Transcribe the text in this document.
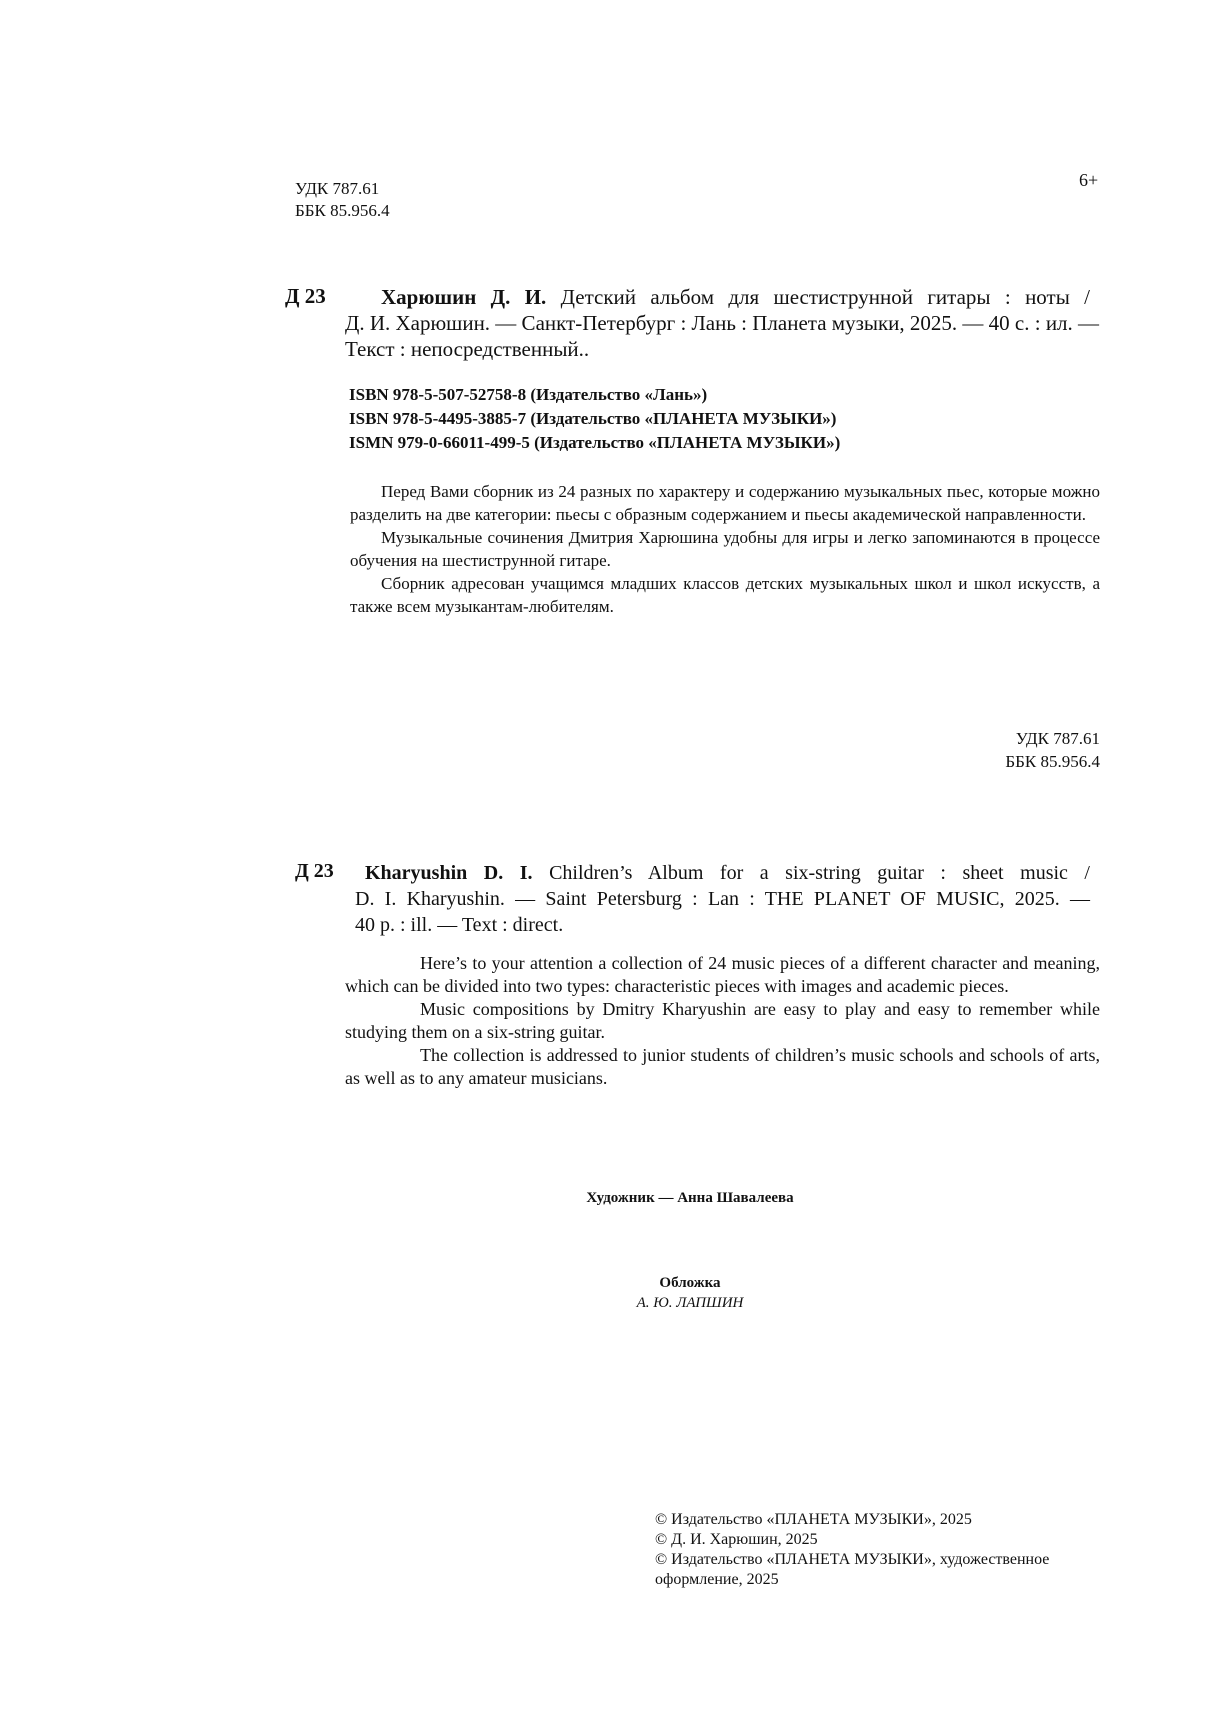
УДК 787.61
ББК 85.956.4
6+
Д 23	Харюшин Д. И. Детский альбом для шестиструнной гитары : ноты /
Д. И. Харюшин. — Санкт-Петербург : Лань : Планета музыки, 2025. — 40 с. : ил. —
Текст : непосредственный..
ISBN 978-5-507-52758-8 (Издательство «Лань»)
ISBN 978-5-4495-3885-7 (Издательство «ПЛАНЕТА МУЗЫКИ»)
ISMN 979-0-66011-499-5 (Издательство «ПЛАНЕТА МУЗЫКИ»)

Перед Вами сборник из 24 разных по характеру и содержанию музыкальных пьес, которые можно разделить на две категории: пьесы с образным содержанием и пьесы академической направленности.

Музыкальные сочинения Дмитрия Харюшина удобны для игры и легко запоминаются в процессе обучения на шестиструнной гитаре.

Сборник адресован учащимся младших классов детских музыкальных школ и школ искусств, а также всем музыкантам-любителям.

УДК 787.61
ББК 85.956.4
Д 23	Kharyushin D. I. Children’s Album for a six-string guitar : sheet music /
D. I. Kharyushin. — Saint Petersburg : Lan : THE PLANET OF MUSIC, 2025. —
40 p. : ill. — Text : direct.

Here’s to your attention a collection of 24 music pieces of a different character and meaning, which can be divided into two types: characteristic pieces with images and academic pieces.

Music compositions by Dmitry Kharyushin are easy to play and easy to remember while studying them on a six-string guitar.

The collection is addressed to junior students of children’s music schools and schools of arts, as well as to any amateur musicians.

Художник — Анна Шавалеева
Обложка
А. Ю. ЛАПШИН
© Издательство «ПЛАНЕТА МУЗЫКИ», 2025
© Д. И. Харюшин, 2025
© Издательство «ПЛАНЕТА МУЗЫКИ», художественное оформление, 2025
